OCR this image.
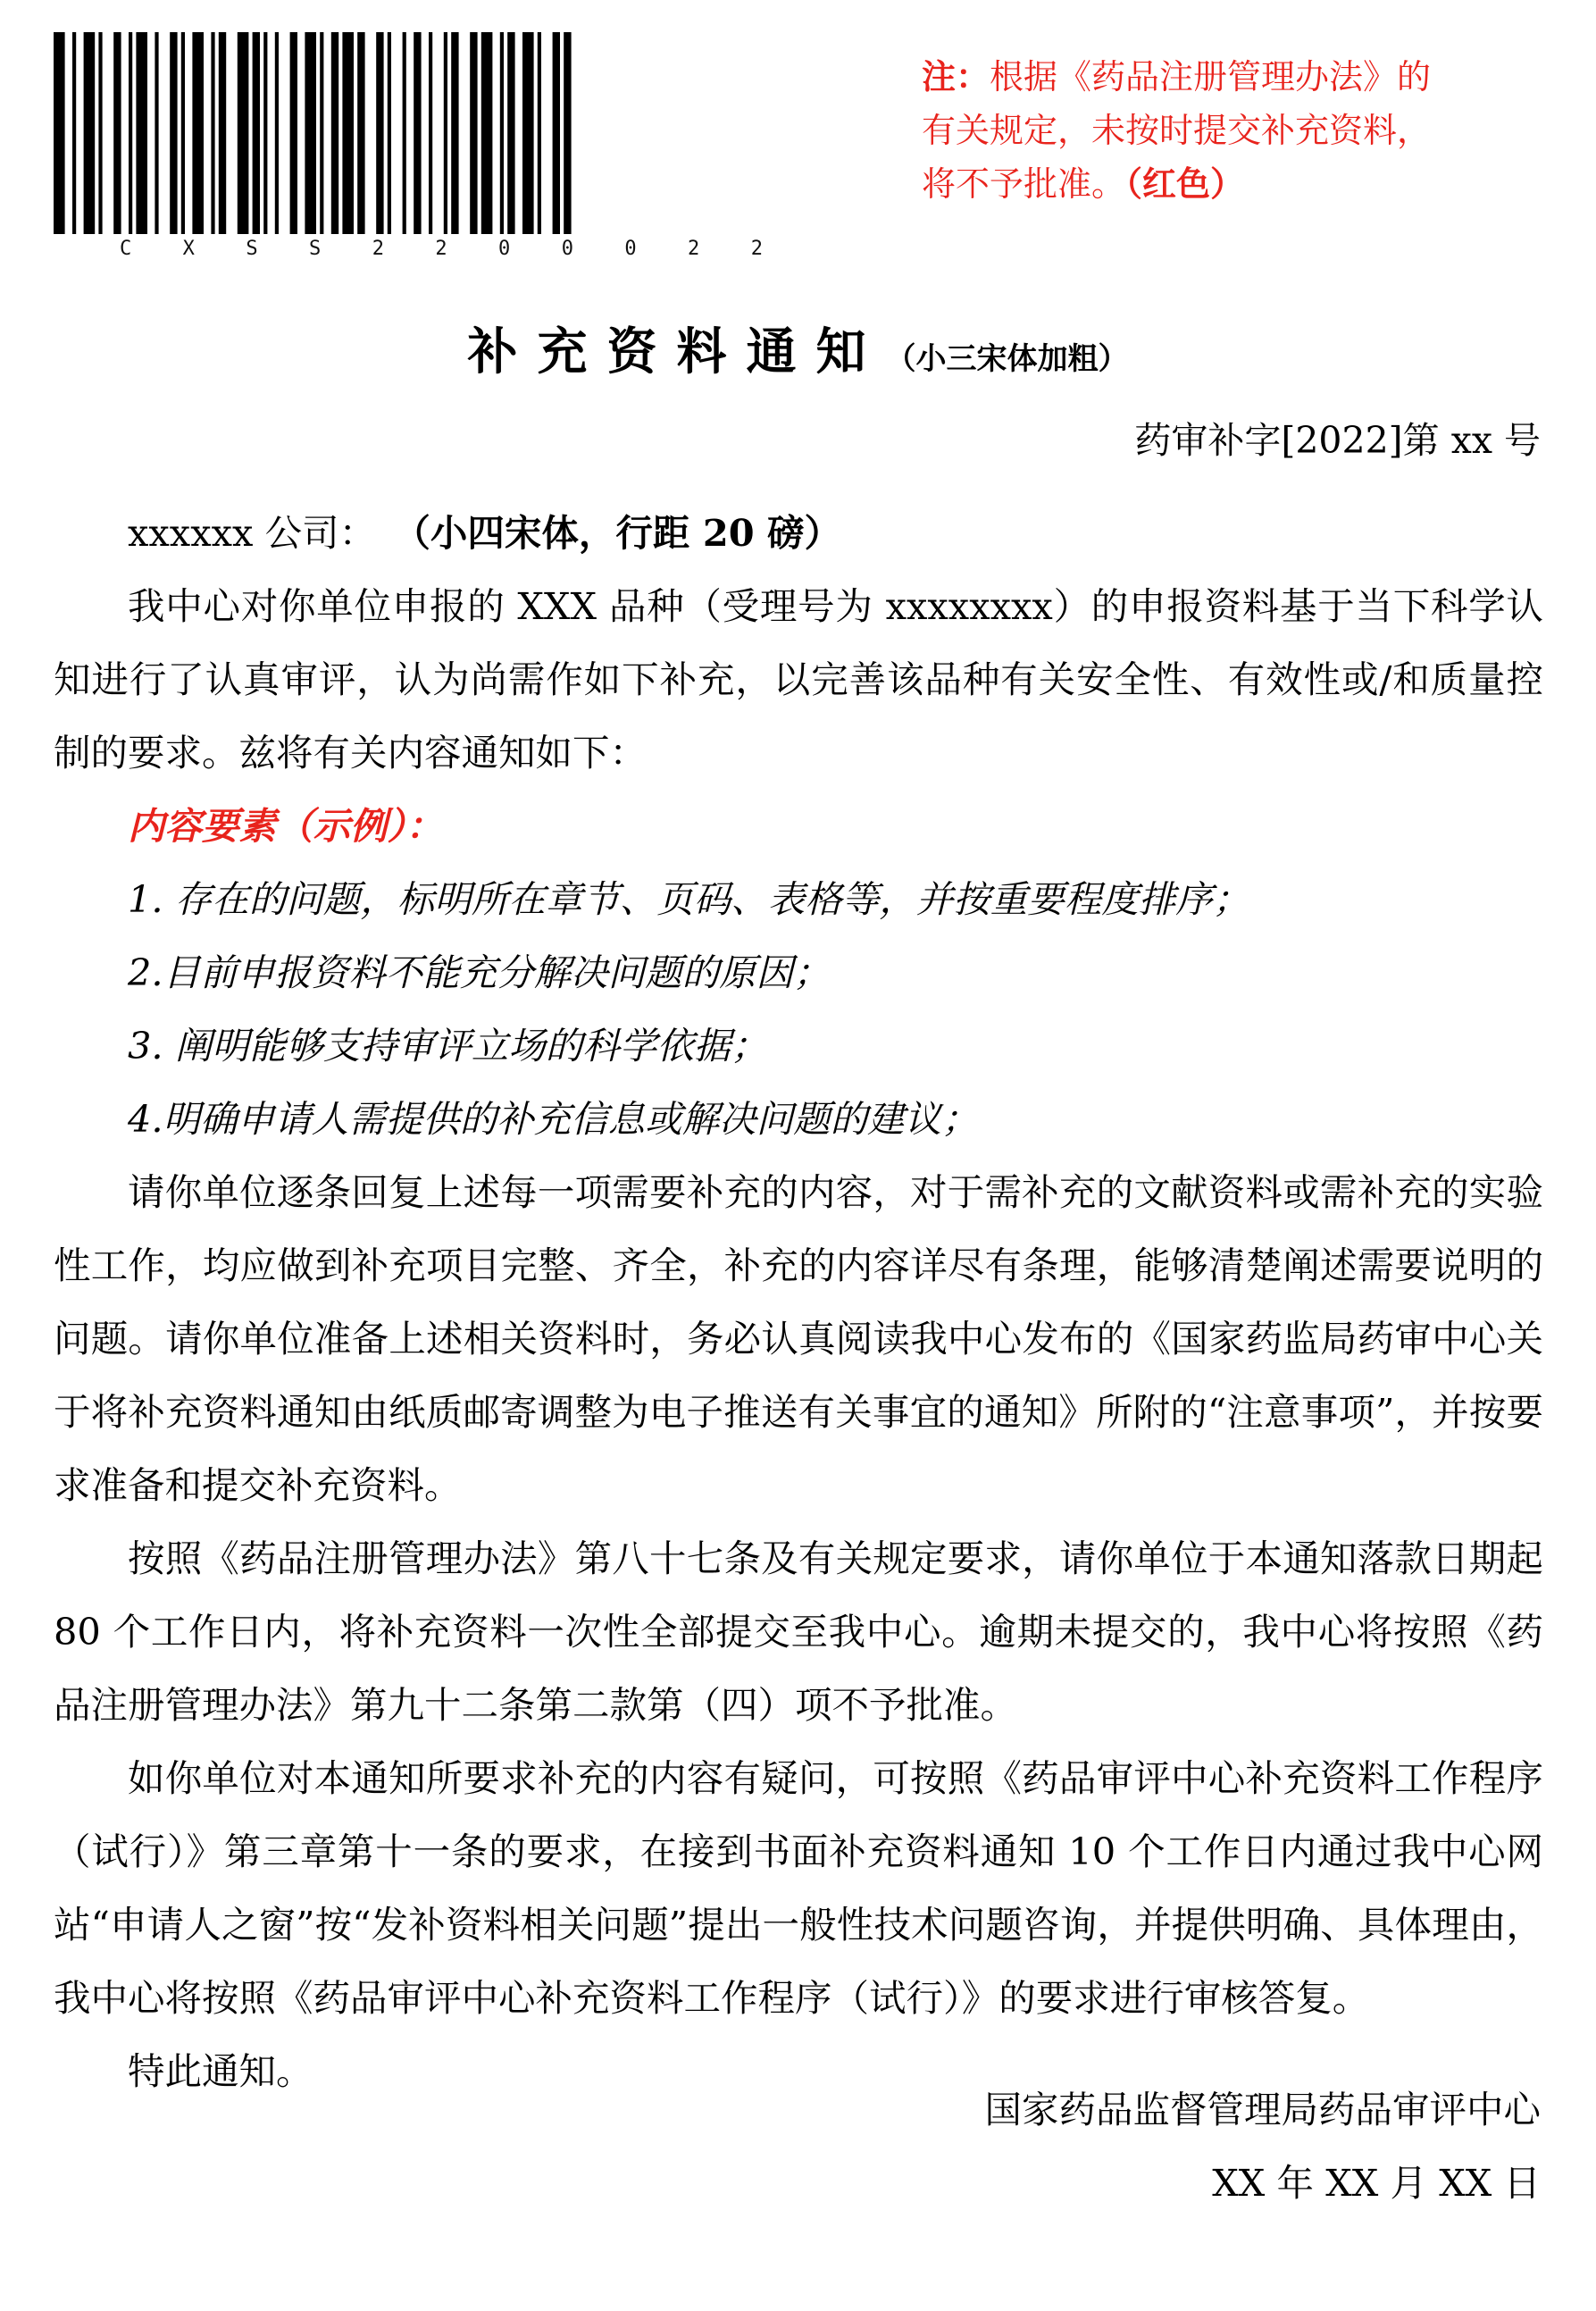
C	X	S	S	2	2	0	0	0	2	2
注：根据《药品注册管理办法》的
有关规定，未按时提交补充资料，
将不予批准。（红色）
补充资料通知（小三宋体加粗）
药审补字[2022]第 xx 号

xxxxxx 公司： （小四宋体，行距 20 磅）

我中心对你单位申报的 XXX 品种（受理号为 xxxxxxxx）的申报资料基于当下科学认知进行了认真审评，认为尚需作如下补充，以完善该品种有关安全性、有效性或/和质量控制的要求。兹将有关内容通知如下：

内容要素（示例）：

1. 存在的问题，标明所在章节、页码、表格等，并按重要程度排序；

2.目前申报资料不能充分解决问题的原因；

3. 阐明能够支持审评立场的科学依据；

4.明确申请人需提供的补充信息或解决问题的建议；

请你单位逐条回复上述每一项需要补充的内容，对于需补充的文献资料或需补充的实验性工作，均应做到补充项目完整、齐全，补充的内容详尽有条理，能够清楚阐述需要说明的问题。请你单位准备上述相关资料时，务必认真阅读我中心发布的《国家药监局药审中心关于将补充资料通知由纸质邮寄调整为电子推送有关事宜的通知》所附的“注意事项”，并按要求准备和提交补充资料。

按照《药品注册管理办法》第八十七条及有关规定要求，请你单位于本通知落款日期起 80 个工作日内，将补充资料一次性全部提交至我中心。逾期未提交的，我中心将按照《药品注册管理办法》第九十二条第二款第（四）项不予批准。

如你单位对本通知所要求补充的内容有疑问，可按照《药品审评中心补充资料工作程序（试行）》第三章第十一条的要求，在接到书面补充资料通知 10 个工作日内通过我中心网站“申请人之窗”按“发补资料相关问题”提出一般性技术问题咨询，并提供明确、具体理由，我中心将按照《药品审评中心补充资料工作程序（试行）》的要求进行审核答复。

特此通知。

国家药品监督管理局药品审评中心
XX 年 XX 月 XX 日
